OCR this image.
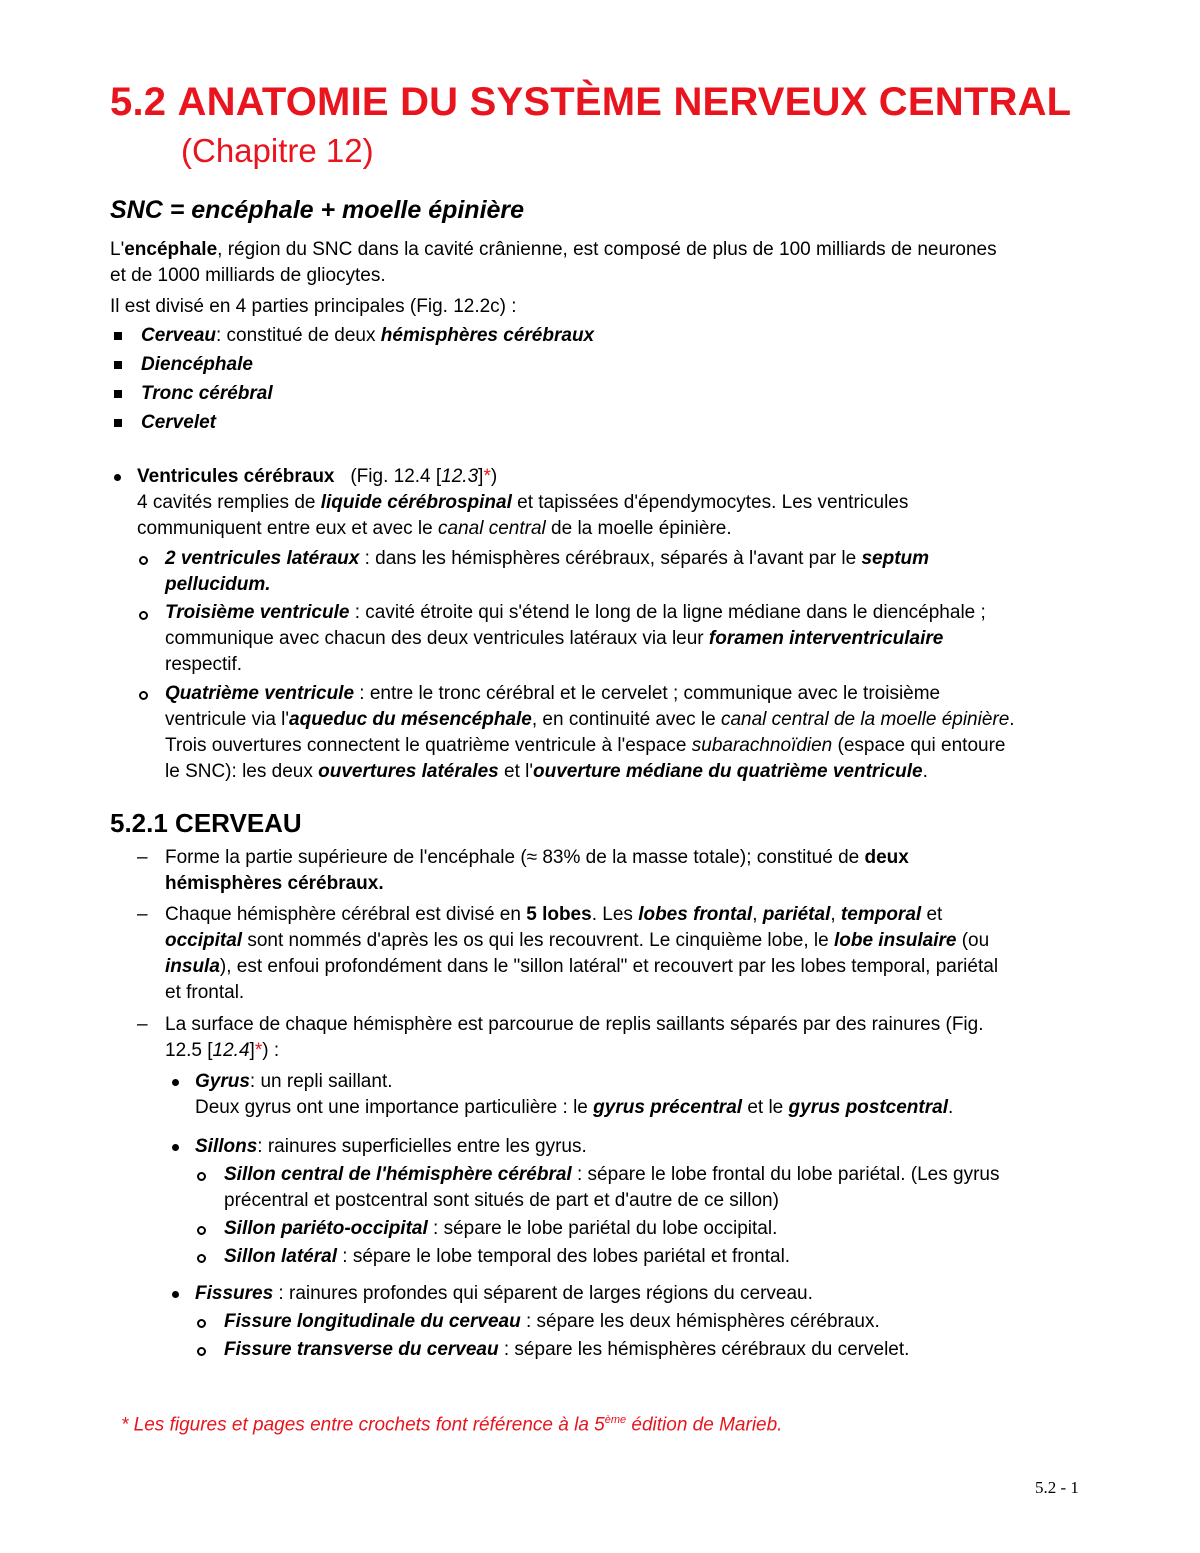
5.2 ANATOMIE DU SYSTÈME NERVEUX CENTRAL
(Chapitre 12)
SNC = encéphale + moelle épinière
L'encéphale, région du SNC dans la cavité crânienne, est composé de plus de 100 milliards de neurones
et de 1000 milliards de gliocytes.
Il est divisé en 4 parties principales (Fig. 12.2c) :
Cerveau: constitué de deux hémisphères cérébraux
Diencéphale
Tronc cérébral
Cervelet
Ventricules cérébraux (Fig. 12.4 [12.3]*)
4 cavités remplies de liquide cérébrospinal et tapissées d'épendymocytes. Les ventricules
communiquent entre eux et avec le canal central de la moelle épinière.
2 ventricules latéraux : dans les hémisphères cérébraux, séparés à l'avant par le septum
pellucidum.
Troisième ventricule : cavité étroite qui s'étend le long de la ligne médiane dans le diencéphale ;
communique avec chacun des deux ventricules latéraux via leur foramen interventriculaire
respectif.
Quatrième ventricule : entre le tronc cérébral et le cervelet ; communique avec le troisième
ventricule via l'aqueduc du mésencéphale, en continuité avec le canal central de la moelle épinière.
Trois ouvertures connectent le quatrième ventricule à l'espace subarachnoïdien (espace qui entoure
le SNC): les deux ouvertures latérales et l'ouverture médiane du quatrième ventricule.
5.2.1 CERVEAU
– Forme la partie supérieure de l'encéphale (≈ 83% de la masse totale); constitué de deux
hémisphères cérébraux.
– Chaque hémisphère cérébral est divisé en 5 lobes. Les lobes frontal, pariétal, temporal et
occipital sont nommés d'après les os qui les recouvrent. Le cinquième lobe, le lobe insulaire (ou
insula), est enfoui profondément dans le "sillon latéral" et recouvert par les lobes temporal, pariétal
et frontal.
– La surface de chaque hémisphère est parcourue de replis saillants séparés par des rainures (Fig.
12.5 [12.4]*) :
Gyrus: un repli saillant.
Deux gyrus ont une importance particulière : le gyrus précentral et le gyrus postcentral.
Sillons: rainures superficielles entre les gyrus.
Sillon central de l'hémisphère cérébral : sépare le lobe frontal du lobe pariétal. (Les gyrus
précentral et postcentral sont situés de part et d'autre de ce sillon)
Sillon pariéto-occipital : sépare le lobe pariétal du lobe occipital.
Sillon latéral : sépare le lobe temporal des lobes pariétal et frontal.
Fissures : rainures profondes qui séparent de larges régions du cerveau.
Fissure longitudinale du cerveau : sépare les deux hémisphères cérébraux.
Fissure transverse du cerveau : sépare les hémisphères cérébraux du cervelet.
* Les figures et pages entre crochets font référence à la 5ème édition de Marieb.
5.2 - 1
